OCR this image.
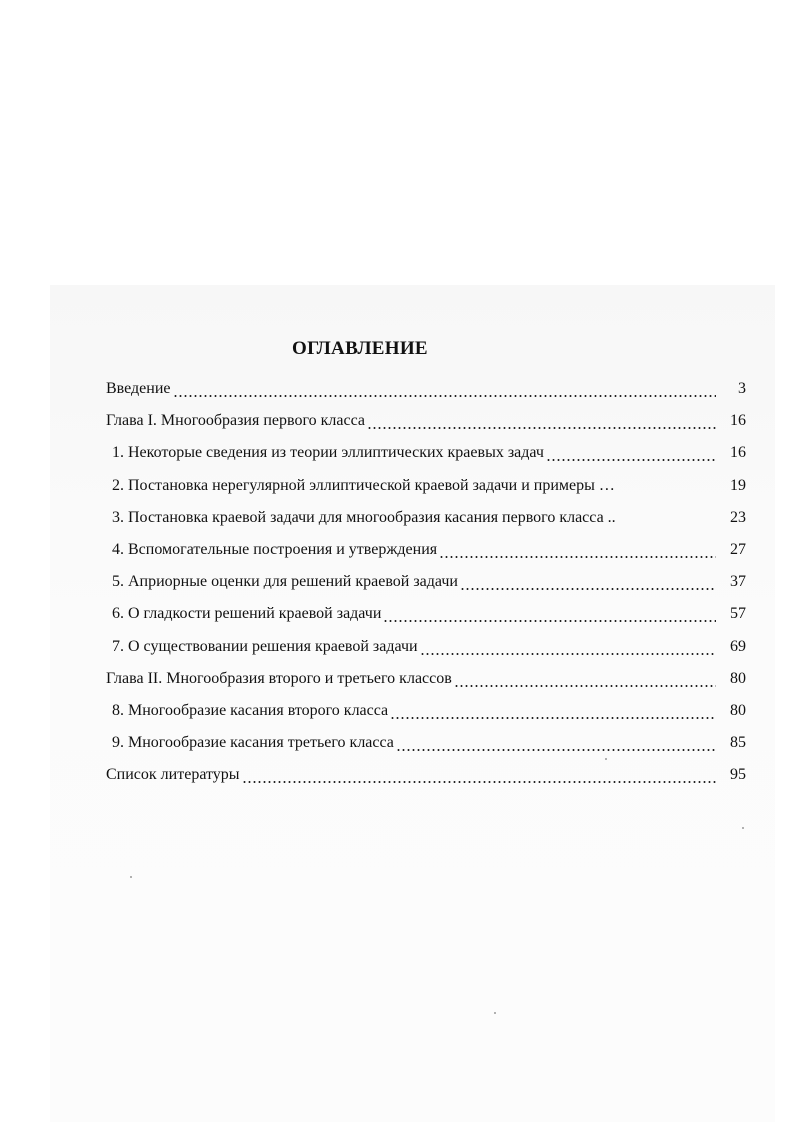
ОГЛАВЛЕНИЕ
Введение	3
Глава I. Многообразия первого класса	16
1. Некоторые сведения из теории эллиптических краевых задач	16
2. Постановка нерегулярной эллиптической краевой задачи и примеры …	19
3. Постановка краевой задачи для многообразия касания первого класса ..	23
4. Вспомогательные построения и утверждения	27
5. Априорные оценки для решений краевой задачи	37
6. О гладкости решений краевой задачи	57
7. О существовании решения краевой задачи	69
Глава II. Многообразия второго и третьего классов	80
8. Многообразие касания второго класса	80
9. Многообразие касания третьего класса	85
Список литературы	95
